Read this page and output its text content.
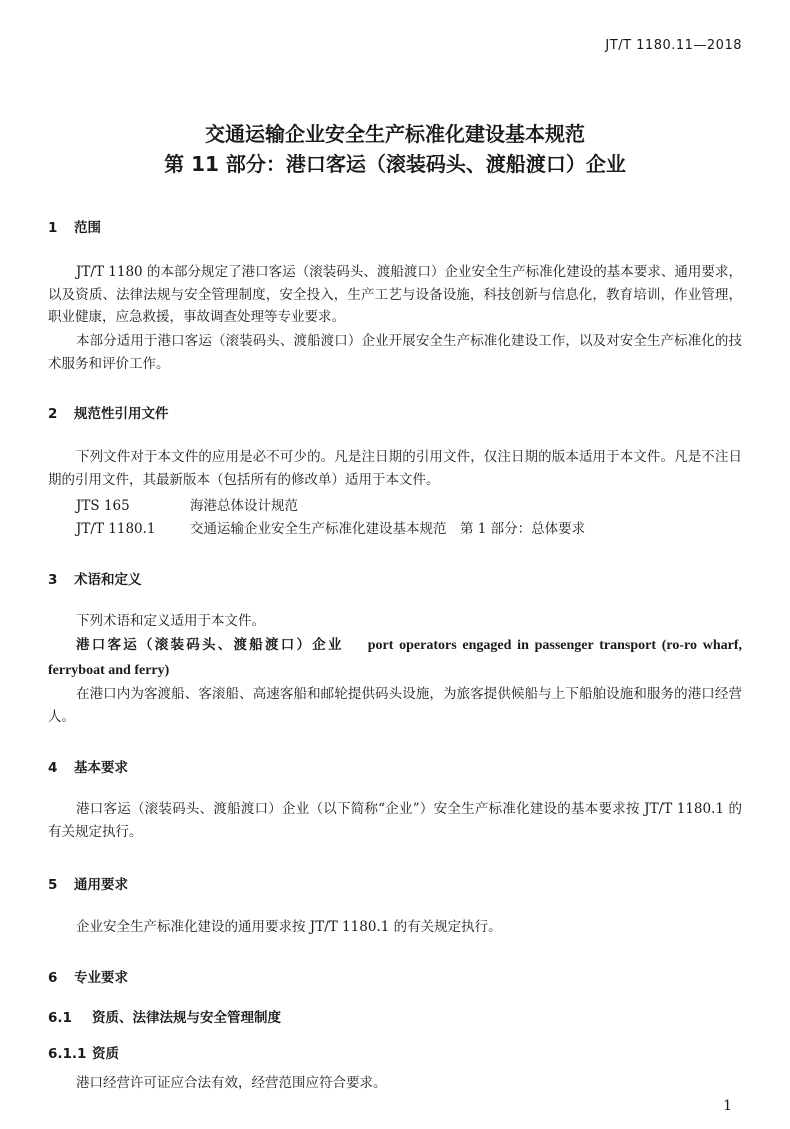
JT/T 1180.11—2018
交通运输企业安全生产标准化建设基本规范
第 11 部分：港口客运（滚装码头、渡船渡口）企业
1 范围
JT/T 1180 的本部分规定了港口客运（滚装码头、渡船渡口）企业安全生产标准化建设的基本要求、通用要求，以及资质、法律法规与安全管理制度，安全投入，生产工艺与设备设施，科技创新与信息化，教育培训，作业管理，职业健康，应急救援，事故调查处理等专业要求。
本部分适用于港口客运（滚装码头、渡船渡口）企业开展安全生产标准化建设工作，以及对安全生产标准化的技术服务和评价工作。
2 规范性引用文件
下列文件对于本文件的应用是必不可少的。凡是注日期的引用文件，仅注日期的版本适用于本文件。凡是不注日期的引用文件，其最新版本（包括所有的修改单）适用于本文件。
JTS 165	海港总体设计规范
JT/T 1180.1	交通运输企业安全生产标准化建设基本规范　第 1 部分：总体要求
3 术语和定义
下列术语和定义适用于本文件。
港口客运（滚装码头、渡船渡口）企业 port operators engaged in passenger transport (ro-ro wharf, ferryboat and ferry)
在港口内为客渡船、客滚船、高速客船和邮轮提供码头设施，为旅客提供候船与上下船舶设施和服务的港口经营人。
4 基本要求
港口客运（滚装码头、渡船渡口）企业（以下简称“企业”）安全生产标准化建设的基本要求按 JT/T 1180.1 的有关规定执行。
5 通用要求
企业安全生产标准化建设的通用要求按 JT/T 1180.1 的有关规定执行。
6 专业要求
6.1 资质、法律法规与安全管理制度
6.1.1 资质
港口经营许可证应合法有效，经营范围应符合要求。
1
